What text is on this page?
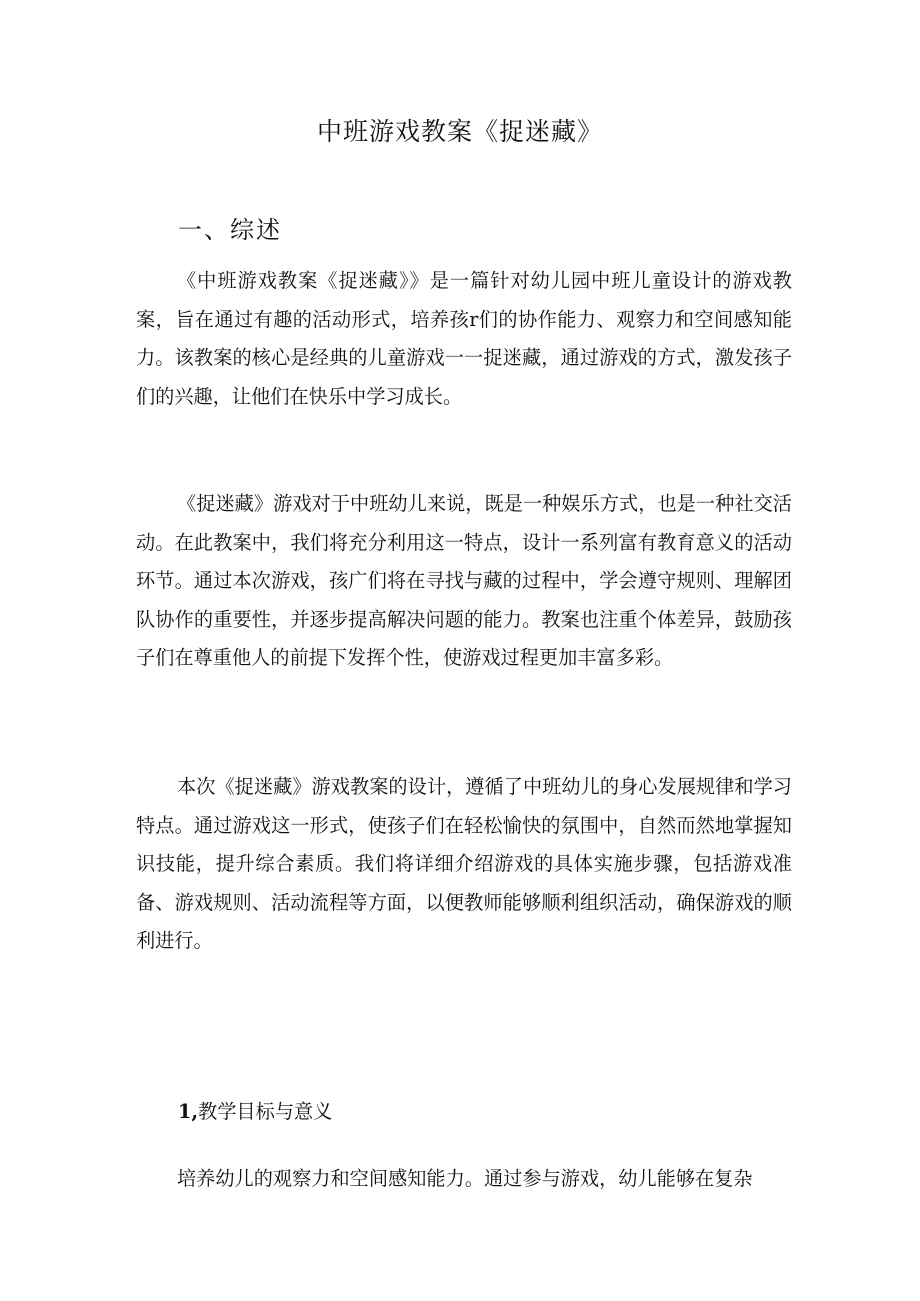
中班游戏教案《捉迷藏》
一、综述

《中班游戏教案《捉迷藏》》是一篇针对幼儿园中班儿童设计的游戏教案，旨在通过有趣的活动形式，培养孩r们的协作能力、观察力和空间感知能力。该教案的核心是经典的儿童游戏一一捉迷藏，通过游戏的方式，激发孩子们的兴趣，让他们在快乐中学习成长。

《捉迷藏》游戏对于中班幼儿来说，既是一种娱乐方式，也是一种社交活动。在此教案中，我们将充分利用这一特点，设计一系列富有教育意义的活动环节。通过本次游戏，孩广们将在寻找与藏的过程中，学会遵守规则、理解团队协作的重要性，并逐步提高解决问题的能力。教案也注重个体差异，鼓励孩子们在尊重他人的前提下发挥个性，使游戏过程更加丰富多彩。

本次《捉迷藏》游戏教案的设计，遵循了中班幼儿的身心发展规律和学习特点。通过游戏这一形式，使孩子们在轻松愉快的氛围中，自然而然地掌握知识技能，提升综合素质。我们将详细介绍游戏的具体实施步骤，包括游戏准备、游戏规则、活动流程等方面，以便教师能够顺利组织活动，确保游戏的顺利进行。

1,教学目标与意义

培养幼儿的观察力和空间感知能力。通过参与游戏，幼儿能够在复杂
